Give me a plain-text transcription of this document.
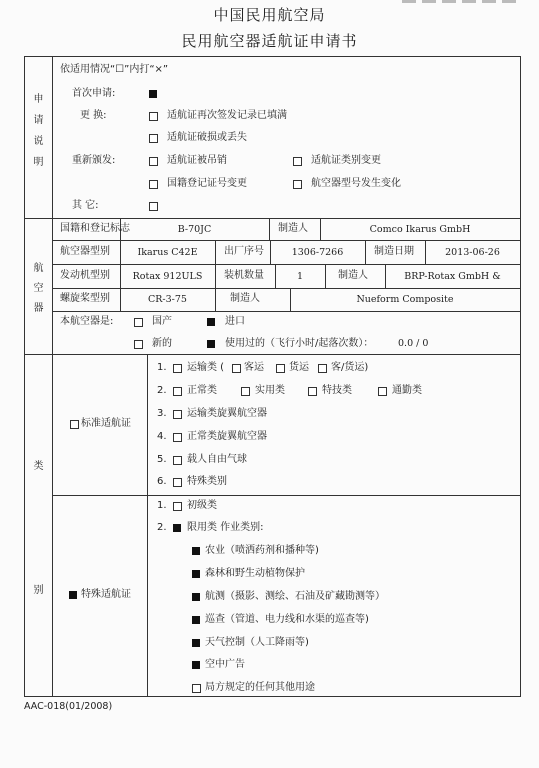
中国民用航空局
民用航空器适航证申请书
申
请
说
明
航
空
器
类
别
依适用情况“☐”内打“×”
首次申请:
更 换:	适航证再次签发记录已填满
适航证破损或丢失
重新颁发:	适航证被吊销	适航证类别变更
国籍登记证号变更	航空器型号发生变化
其 它:
国籍和登记标志	B-70JC	制造人	Comco Ikarus GmbH
航空器型别	Ikarus C42E	出厂序号	1306-7266	制造日期	2013-06-26
发动机型别	Rotax 912ULS	装机数量	1	制造人	BRP-Rotax GmbH &
螺旋桨型别	CR-3-75	制造人	Nueform Composite
本航空器是:	国产	进口
新的	使用过的（飞行小时/起落次数）：	0.0 / 0
标准适航证
1. 运输类 ( 客运	货运 客/货运)
2. 正常类	实用类	特技类	通勤类
3. 运输类旋翼航空器
4. 正常类旋翼航空器
5. 载人自由气球
6. 特殊类别
特殊适航证
1. 初级类
2. 限用类 作业类别:
农业（喷洒药剂和播种等)
森林和野生动植物保护
航测（摄影、测绘、石油及矿藏勘测等）
巡查（管道、电力线和水渠的巡查等)
天气控制（人工降雨等)
空中广告
局方规定的任何其他用途
AAC-018(01/2008)
